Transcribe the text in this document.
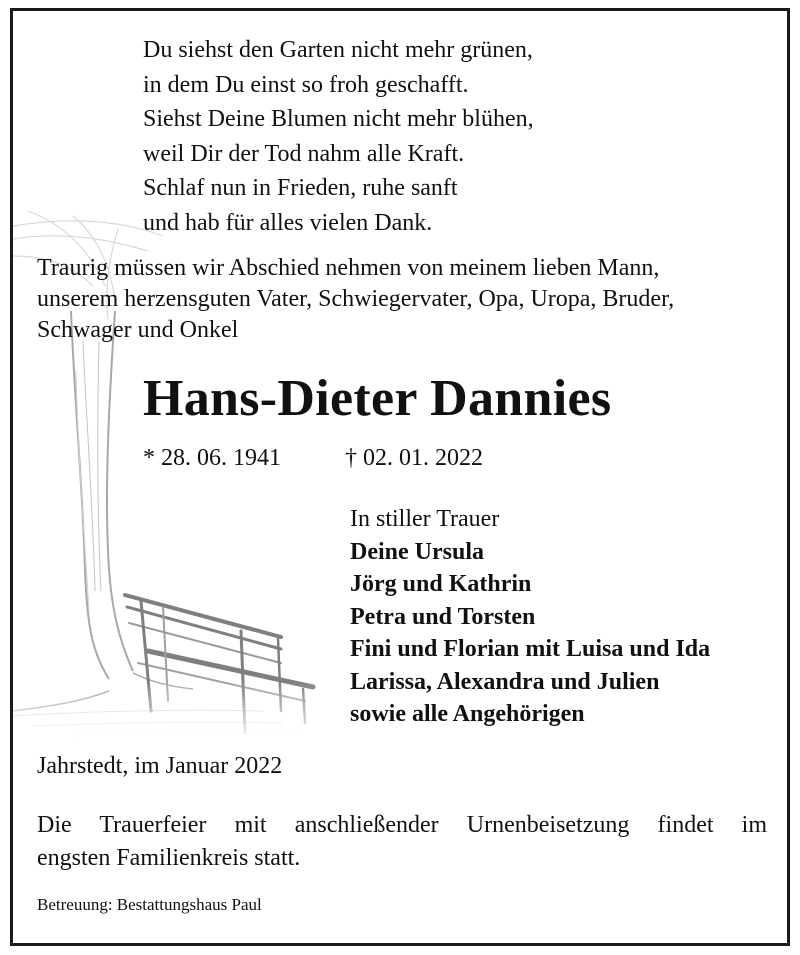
Du siehst den Garten nicht mehr grünen,
in dem Du einst so froh geschafft.
Siehst Deine Blumen nicht mehr blühen,
weil Dir der Tod nahm alle Kraft.
Schlaf nun in Frieden, ruhe sanft
und hab für alles vielen Dank.
Traurig müssen wir Abschied nehmen von meinem lieben Mann,
unserem herzensguten Vater, Schwiegervater, Opa, Uropa, Bruder,
Schwager und Onkel
Hans-Dieter Dannies
* 28. 06. 1941	† 02. 01. 2022
In stiller Trauer
Deine Ursula
Jörg und Kathrin
Petra und Torsten
Fini und Florian mit Luisa und Ida
Larissa, Alexandra und Julien
sowie alle Angehörigen
Jahrstedt, im Januar 2022
Die Trauerfeier mit anschließender Urnenbeisetzung findet im
engsten Familienkreis statt.
Betreuung: Bestattungshaus Paul
